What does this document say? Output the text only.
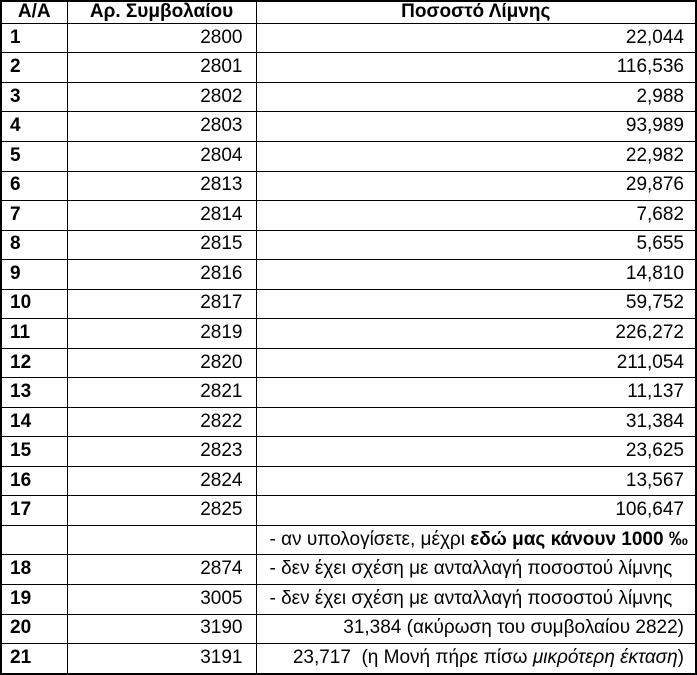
Α/Α	Αρ. Συμβολαίου	Ποσοστό Λίμνης
1	2800	22,044
2	2801	116,536
3	2802	2,988
4	2803	93,989
5	2804	22,982
6	2813	29,876
7	2814	7,682
8	2815	5,655
9	2816	14,810
10	2817	59,752
11	2819	226,272
12	2820	211,054
13	2821	11,137
14	2822	31,384
15	2823	23,625
16	2824	13,567
17	2825	106,647
		- αν υπολογίσετε, μέχρι εδώ μας κάνουν 1000 ‰
18	2874	- δεν έχει σχέση με ανταλλαγή ποσοστού λίμνης
19	3005	- δεν έχει σχέση με ανταλλαγή ποσοστού λίμνης
20	3190	31,384 (ακύρωση του συμβολαίου 2822)
21	3191	23,717  (η Μονή πήρε πίσω μικρότερη έκταση)
